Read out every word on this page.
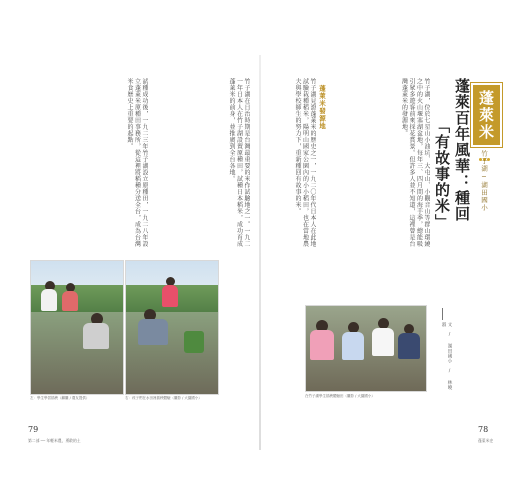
竹子湖在日治時期是台灣最重要的米作試驗地之一。一九二一年日本人在竹子湖設置原種田，試種日本稻米，成功育成蓬萊米的前身，並推廣到全台各地。
試種成功後，一九二三年竹子湖設立原種田，一九二八年設立蓬萊米原種田事務所，從這裡將稻種分送全台，成為台灣米食歷史上重要的起點。
左：學生學習插秧（翻攝 / 農友提供）	右：孩子們在水田裡插秧體驗（攝影 / 大園國小）
79
第二部 ── 年輕米農，勇敢的土
蓬萊米
竹子湖─湖田國小
蓬萊百年風華：種回
「有故事的米」
文 / 湖田國小 / 林曉淑
竹子湖，位於七星山小油坑、大屯山、小觀音山等群山環繞之中的火山堰塞湖盆地，每年三、四月間的海芋季，總能吸引眾多遊客前來採花賞景。但許多人並不知道，這裡曾是台灣蓬萊米的發源地。
蓬萊米發源地
竹子湖見證蓬萊米的歷史之一，一九二〇年代日本人在此地試驗栽種稻米，陽明山國家公園內的小小稻田，也在當地農夫與學校師生的努力下，重新種回有故事的米。
在竹子湖學生插秧體驗田（攝影 / 大園國小）
78
蓬萊米史
